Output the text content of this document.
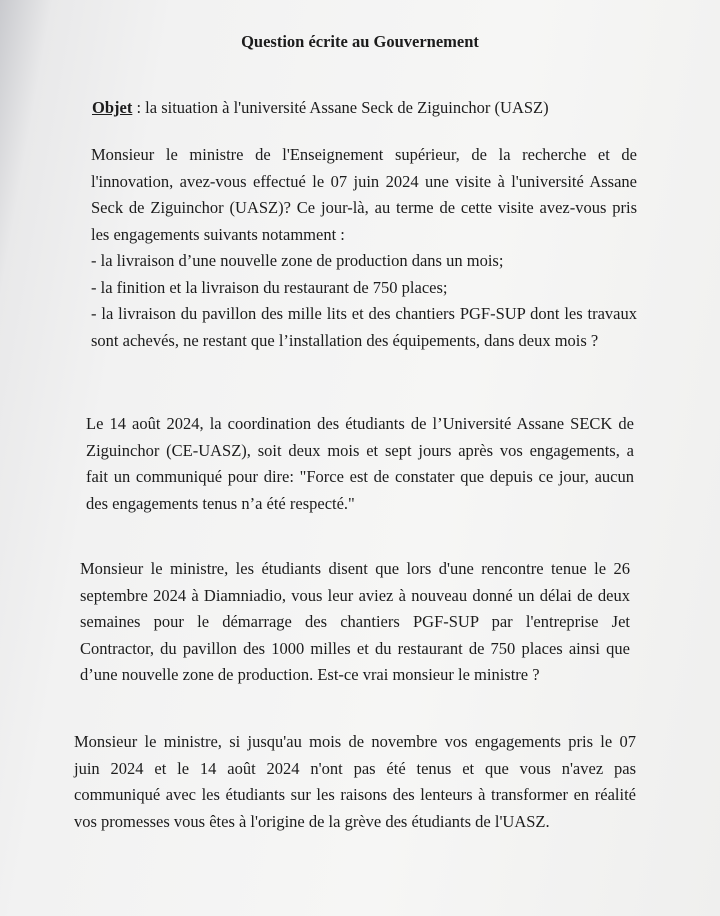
Question écrite au Gouvernement
Objet : la situation à l'université Assane Seck de Ziguinchor (UASZ)
Monsieur le ministre de l'Enseignement supérieur, de la recherche et de
l'innovation, avez-vous effectué le 07 juin 2024 une visite à l'université Assane
Seck de Ziguinchor (UASZ)? Ce jour-là, au terme de cette visite avez-vous pris
les engagements suivants notamment :
- la livraison d’une nouvelle zone de production dans un mois;
- la finition et la livraison du restaurant de 750 places;
- la livraison du pavillon des mille lits et des chantiers PGF-SUP dont les travaux
sont achevés, ne restant que l’installation des équipements, dans deux mois ?
Le 14 août 2024, la coordination des étudiants de l’Université Assane SECK de
Ziguinchor (CE-UASZ), soit deux mois et sept jours après vos engagements, a
fait un communiqué pour dire: "Force est de constater que depuis ce jour, aucun
des engagements tenus n’a été respecté."
Monsieur le ministre, les étudiants disent que lors d'une rencontre tenue le 26
septembre 2024 à Diamniadio, vous leur aviez à nouveau donné un délai de deux
semaines pour le démarrage des chantiers PGF-SUP par l'entreprise Jet
Contractor, du pavillon des 1000 milles et du restaurant de 750 places ainsi que
d’une nouvelle zone de production. Est-ce vrai monsieur le ministre ?
Monsieur le ministre, si jusqu'au mois de novembre vos engagements pris le 07
juin 2024 et le 14 août 2024 n'ont pas été tenus et que vous n'avez pas
communiqué avec les étudiants sur les raisons des lenteurs à transformer en réalité
vos promesses vous êtes à l'origine de la grève des étudiants de l'UASZ.
